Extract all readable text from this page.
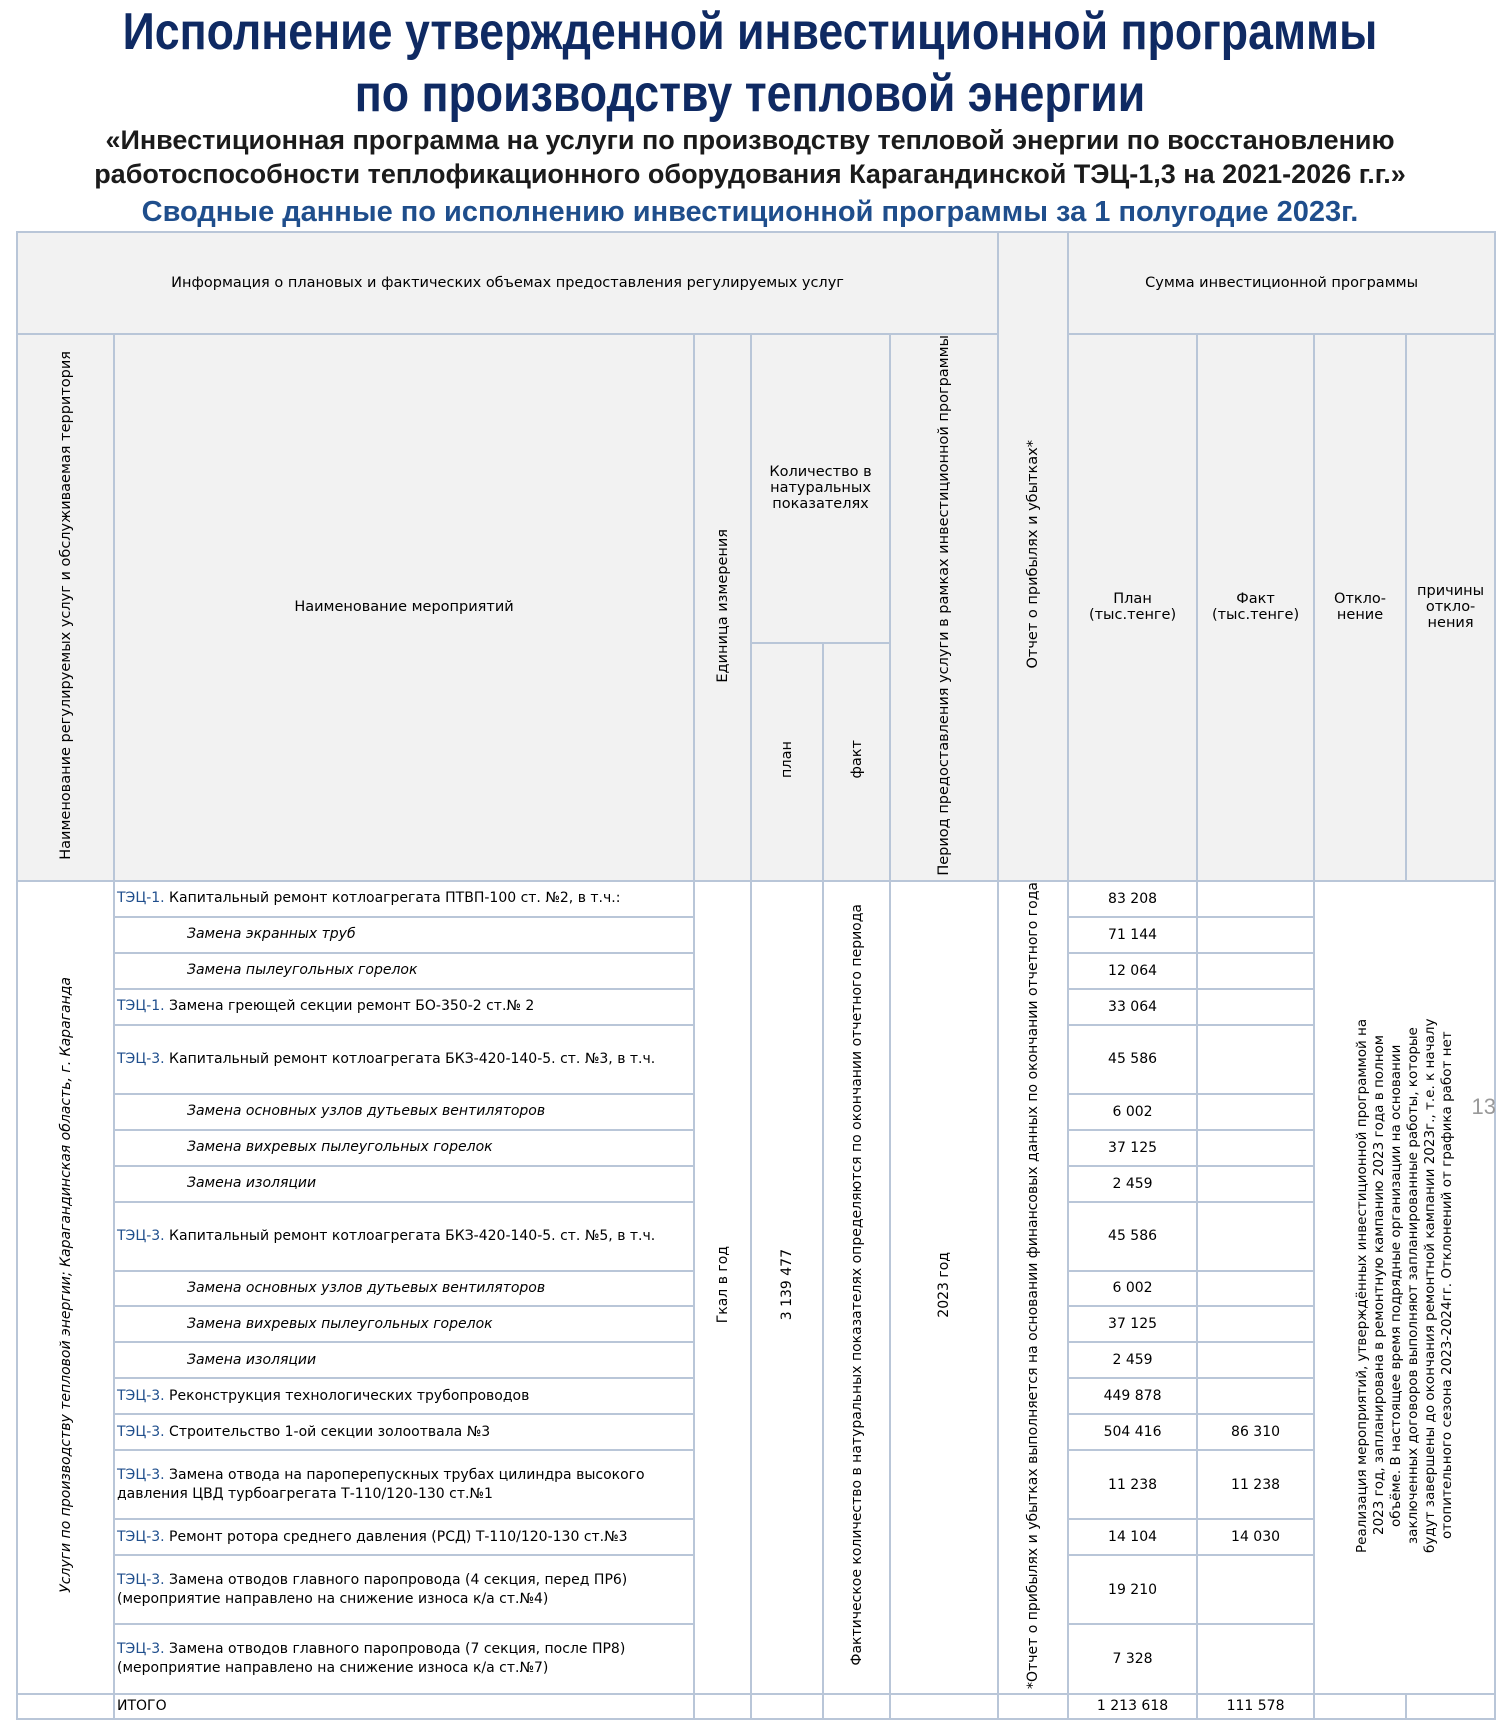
Исполнение утвержденной инвестиционной программы
по производству тепловой энергии
«Инвестиционная программа на услуги по производству тепловой энергии по восстановлению
работоспособности теплофикационного оборудования Карагандинской ТЭЦ-1,3 на 2021-2026 г.г.»
Сводные данные по исполнению инвестиционной программы за 1 полугодие 2023г.
Информация о плановых и фактических объемах предоставления регулируемых услуг						Отчет о прибылях и убытках*	Сумма инвестиционной программы			
Наименование регулируемых услуг и обслуживаемая территория	Наименование мероприятий	Единица измерения	Количество в натуральных показателях		Период предоставления услуги в рамках инвестиционной программы		План (тыс.тенге)	Факт (тыс.тенге)	Откло-нение	причины откло-нения
			план	факт						
Услуги по производству тепловой энергии; Карагандинская область, г. Караганда	ТЭЦ-1. Капитальный ремонт котлоагрегата ПТВП-100 ст. №2, в т.ч.:	Гкал в год	3 139 477	Фактическое количество в натуральных показателях определяются по окончании отчетного периода	2023 год	*Отчет о прибылях и убытках выполняется на основании финансовых данных по окончании отчетного года	83 208		Реализация мероприятий, утверждённых инвестиционной программой на 2023 год, запланирована в ремонтную кампанию 2023 года в полном объёме. В настоящее время подрядные организации на основании заключенных договоров выполняют запланированные работы, которые будут завершены до окончания ремонтной кампании 2023г., т.е. к началу отопительного сезона 2023-2024гг. Отклонений от графика работ нет	
	Замена экранных труб						71 144			
	Замена пылеугольных горелок						12 064			
	ТЭЦ-1. Замена греющей секции ремонт БО-350-2 ст.№ 2						33 064			
	ТЭЦ-3. Капитальный ремонт котлоагрегата БКЗ-420-140-5. ст. №3, в т.ч.						45 586			
	Замена основных узлов дутьевых вентиляторов						6 002			
	Замена вихревых пылеугольных горелок						37 125			
	Замена изоляции						2 459			
	ТЭЦ-3. Капитальный ремонт котлоагрегата БКЗ-420-140-5. ст. №5, в т.ч.						45 586			
	Замена основных узлов дутьевых вентиляторов						6 002			
	Замена вихревых пылеугольных горелок						37 125			
	Замена изоляции						2 459			
	ТЭЦ-3. Реконструкция технологических трубопроводов						449 878			
	ТЭЦ-3. Строительство 1-ой секции золоотвала №3						504 416	86 310		
	ТЭЦ-3. Замена отвода на пароперепускных трубах цилиндра высокого давления ЦВД турбоагрегата Т-110/120-130 ст.№1						11 238	11 238		
	ТЭЦ-3. Ремонт ротора среднего давления (РСД) Т-110/120-130 ст.№3						14 104	14 030		
	ТЭЦ-3. Замена отводов главного паропровода (4 секция, перед ПР6) (мероприятие направлено на снижение износа к/а ст.№4)						19 210			
	ТЭЦ-3. Замена отводов главного паропровода (7 секция, после ПР8) (мероприятие направлено на снижение износа к/а ст.№7)						7 328			
	ИТОГО						1 213 618	111 578		
13
